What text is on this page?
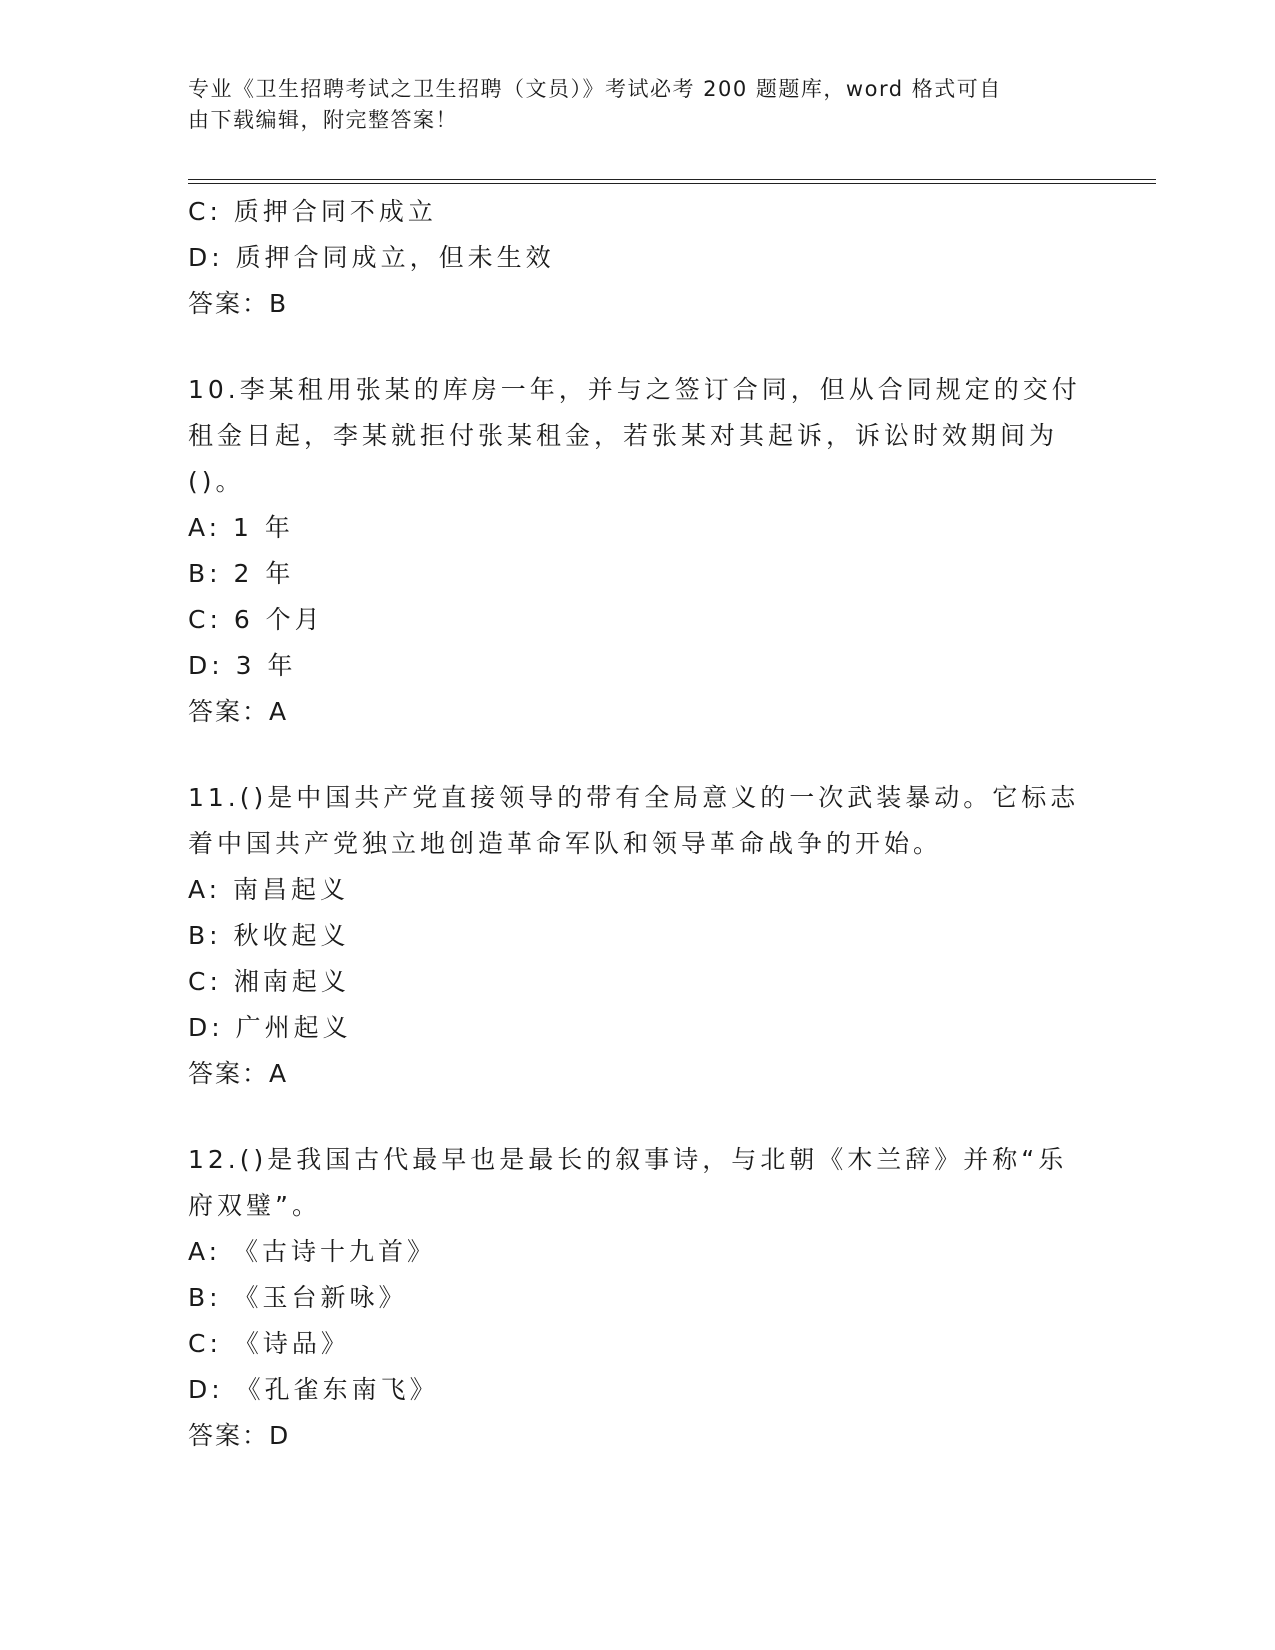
专业《卫生招聘考试之卫生招聘（文员）》考试必考 200 题题库，word 格式可自
由下载编辑，附完整答案！
C: 质押合同不成立
D: 质押合同成立，但未生效
答案：B
10.李某租用张某的库房一年，并与之签订合同，但从合同规定的交付
租金日起，李某就拒付张某租金，若张某对其起诉，诉讼时效期间为
()。
A: 1 年
B: 2 年
C: 6 个月
D: 3 年
答案：A
11.()是中国共产党直接领导的带有全局意义的一次武装暴动。它标志
着中国共产党独立地创造革命军队和领导革命战争的开始。
A: 南昌起义
B: 秋收起义
C: 湘南起义
D: 广州起义
答案：A
12.()是我国古代最早也是最长的叙事诗，与北朝《木兰辞》并称“乐
府双璧”。
A: 《古诗十九首》
B: 《玉台新咏》
C: 《诗品》
D: 《孔雀东南飞》
答案：D
